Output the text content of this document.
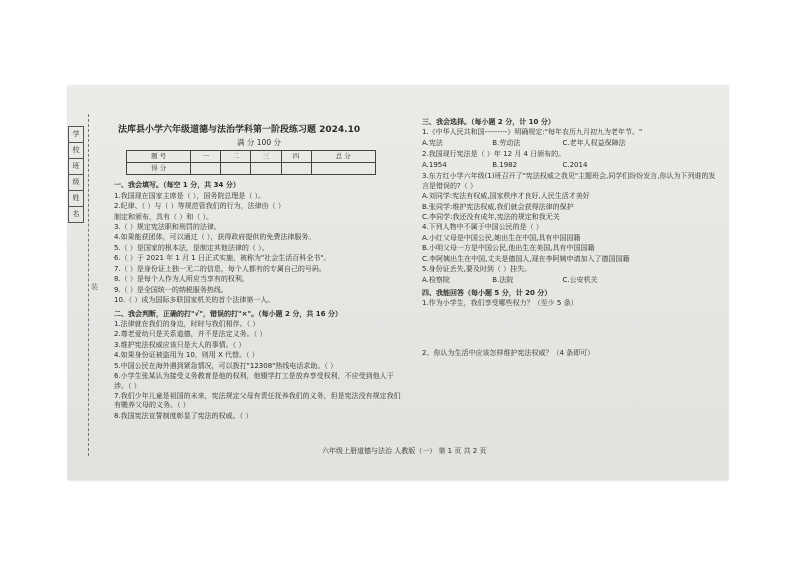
学
校
班
级
姓
名
装
法库县小学六年级道德与法治学科第一阶段练习题 2024.10
满 分 100 分
题 号	一	二	三	四	总 分
得 分					
一、我会填写。（每空 1 分，共 34 分）
1.我国现在国家主席是（ ），国务院总理是（ ）。
2.纪律、（ ）与（ ）等规范管我们的行为，法律由（ ）
制定和颁布，具有（ ）和（ ）。
3.（ ）规定宪法职和刑罚的法律。
4.如果能获团体，可以通过（ ），获得政府提供的免费法律服务。
5.（ ）是国家的根本法，是制定其他法律的（ ）。
6.（ ）于 2021 年 1 月 1 日正式实施，被称为"社会生活百科全书"。
7.（ ）是身份证上独一无二的信息，每个人都有的专属自己的号码。
8.（ ）是每个人作为人所应当享有的权利。
9.（ ）是全国统一的纳税服务热线。
10.（ ）成为国际多联国家机关的首个法律第一人。
二、我会判断，正确的打"√"，错误的打"×"。（每小题 2 分，共 16 分）
1.法律就在我们的身边，时时与我们相伴。（ ）
2.尊老爱幼只是关系道德，并不是法定义务。（ ）
3.维护宪法权威应该只是大人的事情。（ ）
4.如果身份证被盗用为 10，则用 X 代替。（ ）
5.中国公民在海外遇到紧急情况，可以拨打"12308"热线电话求助。（ ）
6.小学生张某认为接受义务教育是他的权利，他辍学打工是放弃享受权利，不应受到他人干涉。（ ）
7.我们少年儿童是祖国的未来，宪法规定父母有责任抚养我们的义务，但是宪法没有规定我们有赡养父母的义务。（ ）
8.我国宪法宣誓制度彰显了宪法的权威。（ ）
三、我会选择。（每小题 2 分，计 10 分）
1.《中华人民共和国---------》明确规定:"每年农历九月初九为老年节。"
A.宪法	B.劳动法	C.老年人权益保障法
2.我国现行宪法是（ ）年 12 月 4 日颁布的。
A.1954	B.1982	C.2014
3.东方红小学六年级(1)班召开了"宪法权威之我见"主题班会,同学们纷纷发言,你认为下列谁的发言是错误的?（ ）
A.刘同学:宪法有权威,国家秩序才良好,人民生活才美好
B.张同学:维护宪法权威,我们就会获得法律的保护
C.李同学:我还没有成年,宪法的规定和我无关
4.下列人物中不属于中国公民的是（ ）
A.小红父母是中国公民,她出生在中国,具有中国国籍
B.小明父母一方是中国公民,他出生在美国,具有中国国籍
C.李阿姨出生在中国,丈夫是德国人,现在李阿姨申请加入了德国国籍
5.身份证丢失,要及时到（ ）挂失。
A.检察院	B.法院	C.公安机关
四、我能回答（每小题 5 分，计 20 分）
1.作为小学生，我们享受哪些权力？（至少 5 条）
2、你认为生活中应该怎样维护宪法权威？（4 条即可）
六年级上册道德与法治 人教版（一） 第 1 页 共 2 页
